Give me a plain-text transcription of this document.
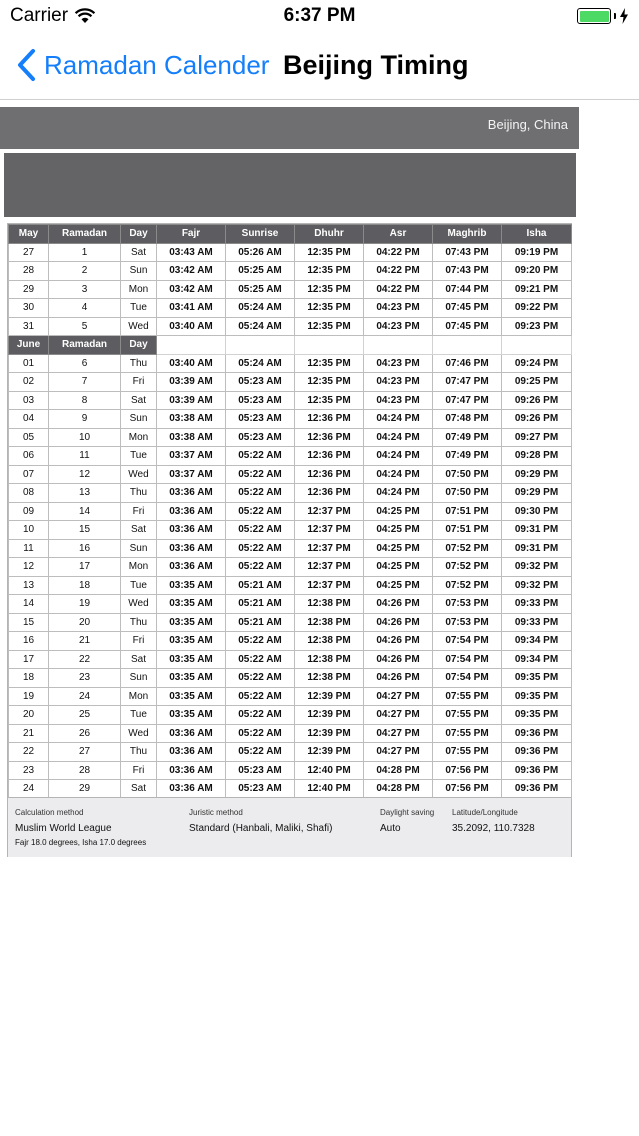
Carrier	6:37 PM
Ramadan Calender Beijing Timing
Beijing, China
May	Ramadan	Day	Fajr	Sunrise	Dhuhr	Asr	Maghrib	Isha
27	1	Sat	03:43 AM	05:26 AM	12:35 PM	04:22 PM	07:43 PM	09:19 PM
28	2	Sun	03:42 AM	05:25 AM	12:35 PM	04:22 PM	07:43 PM	09:20 PM
29	3	Mon	03:42 AM	05:25 AM	12:35 PM	04:22 PM	07:44 PM	09:21 PM
30	4	Tue	03:41 AM	05:24 AM	12:35 PM	04:23 PM	07:45 PM	09:22 PM
31	5	Wed	03:40 AM	05:24 AM	12:35 PM	04:23 PM	07:45 PM	09:23 PM
June	Ramadan	Day						
01	6	Thu	03:40 AM	05:24 AM	12:35 PM	04:23 PM	07:46 PM	09:24 PM
02	7	Fri	03:39 AM	05:23 AM	12:35 PM	04:23 PM	07:47 PM	09:25 PM
03	8	Sat	03:39 AM	05:23 AM	12:35 PM	04:23 PM	07:47 PM	09:26 PM
04	9	Sun	03:38 AM	05:23 AM	12:36 PM	04:24 PM	07:48 PM	09:26 PM
05	10	Mon	03:38 AM	05:23 AM	12:36 PM	04:24 PM	07:49 PM	09:27 PM
06	11	Tue	03:37 AM	05:22 AM	12:36 PM	04:24 PM	07:49 PM	09:28 PM
07	12	Wed	03:37 AM	05:22 AM	12:36 PM	04:24 PM	07:50 PM	09:29 PM
08	13	Thu	03:36 AM	05:22 AM	12:36 PM	04:24 PM	07:50 PM	09:29 PM
09	14	Fri	03:36 AM	05:22 AM	12:37 PM	04:25 PM	07:51 PM	09:30 PM
10	15	Sat	03:36 AM	05:22 AM	12:37 PM	04:25 PM	07:51 PM	09:31 PM
11	16	Sun	03:36 AM	05:22 AM	12:37 PM	04:25 PM	07:52 PM	09:31 PM
12	17	Mon	03:36 AM	05:22 AM	12:37 PM	04:25 PM	07:52 PM	09:32 PM
13	18	Tue	03:35 AM	05:21 AM	12:37 PM	04:25 PM	07:52 PM	09:32 PM
14	19	Wed	03:35 AM	05:21 AM	12:38 PM	04:26 PM	07:53 PM	09:33 PM
15	20	Thu	03:35 AM	05:21 AM	12:38 PM	04:26 PM	07:53 PM	09:33 PM
16	21	Fri	03:35 AM	05:22 AM	12:38 PM	04:26 PM	07:54 PM	09:34 PM
17	22	Sat	03:35 AM	05:22 AM	12:38 PM	04:26 PM	07:54 PM	09:34 PM
18	23	Sun	03:35 AM	05:22 AM	12:38 PM	04:26 PM	07:54 PM	09:35 PM
19	24	Mon	03:35 AM	05:22 AM	12:39 PM	04:27 PM	07:55 PM	09:35 PM
20	25	Tue	03:35 AM	05:22 AM	12:39 PM	04:27 PM	07:55 PM	09:35 PM
21	26	Wed	03:36 AM	05:22 AM	12:39 PM	04:27 PM	07:55 PM	09:36 PM
22	27	Thu	03:36 AM	05:22 AM	12:39 PM	04:27 PM	07:55 PM	09:36 PM
23	28	Fri	03:36 AM	05:23 AM	12:40 PM	04:28 PM	07:56 PM	09:36 PM
24	29	Sat	03:36 AM	05:23 AM	12:40 PM	04:28 PM	07:56 PM	09:36 PM
Calculation method
Muslim World League
Fajr 18.0 degrees, Isha 17.0 degrees
Juristic method
Standard (Hanbali, Maliki, Shafi)
Daylight saving
Auto
Latitude/Longitude
35.2092, 110.7328
